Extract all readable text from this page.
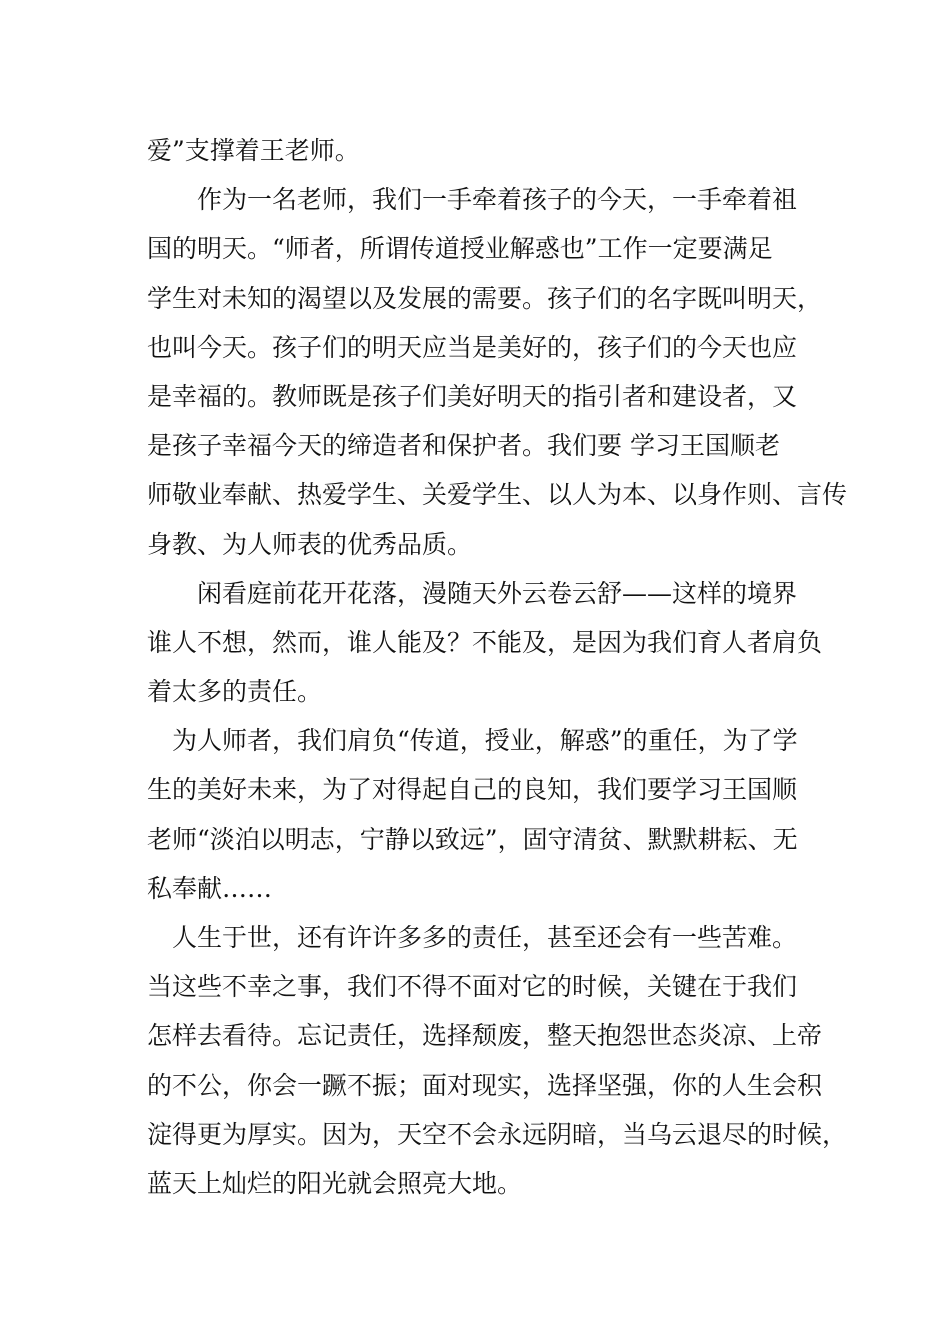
爱”支撑着王老师。
　　作为一名老师，我们一手牵着孩子的今天，一手牵着祖
国的明天。“师者，所谓传道授业解惑也”工作一定要满足
学生对未知的渴望以及发展的需要。孩子们的名字既叫明天，
也叫今天。孩子们的明天应当是美好的，孩子们的今天也应
是幸福的。教师既是孩子们美好明天的指引者和建设者，又
是孩子幸福今天的缔造者和保护者。我们要 学习王国顺老
师敬业奉献、热爱学生、关爱学生、以人为本、以身作则、言传
身教、为人师表的优秀品质。
　　闲看庭前花开花落，漫随天外云卷云舒——这样的境界
谁人不想，然而，谁人能及？不能及，是因为我们育人者肩负
着太多的责任。
　为人师者，我们肩负“传道，授业，解惑”的重任，为了学
生的美好未来，为了对得起自己的良知，我们要学习王国顺
老师“淡泊以明志，宁静以致远”，固守清贫、默默耕耘、无
私奉献……
　人生于世，还有许许多多的责任，甚至还会有一些苦难。
当这些不幸之事，我们不得不面对它的时候，关键在于我们
怎样去看待。忘记责任，选择颓废，整天抱怨世态炎凉、上帝
的不公，你会一蹶不振；面对现实，选择坚强，你的人生会积
淀得更为厚实。因为，天空不会永远阴暗，当乌云退尽的时候，
蓝天上灿烂的阳光就会照亮大地。
